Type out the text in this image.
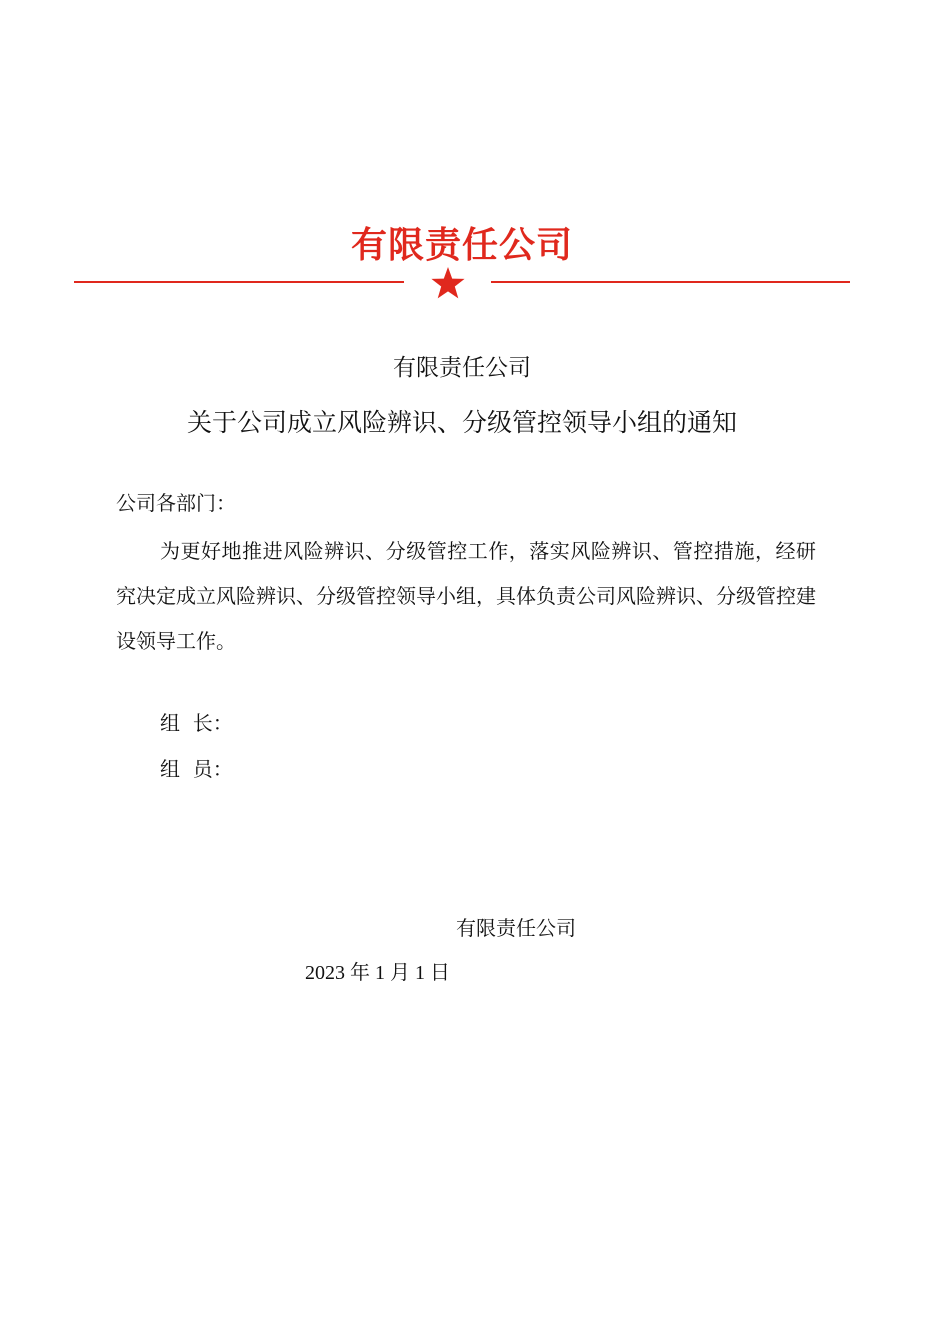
有限责任公司
有限责任公司
关于公司成立风险辨识、分级管控领导小组的通知
公司各部门：
为更好地推进风险辨识、分级管控工作，落实风险辨识、管控措施，经研究决定成立风险辨识、分级管控领导小组，具体负责公司风险辨识、分级管控建设领导工作。
组  长：
组  员：
有限责任公司
2023 年 1 月 1 日
